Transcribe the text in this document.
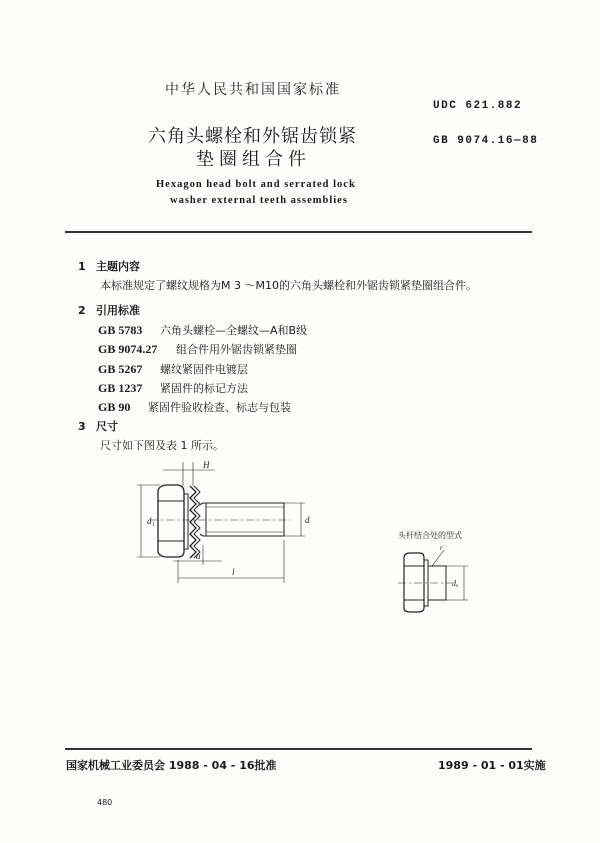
中华人民共和国国家标准
UDC 621.882
GB 9074.16—88
六角头螺栓和外锯齿锁紧
垫圈组合件
Hexagon head bolt and serrated lock
washer external teeth assemblies
1 主题内容
本标准规定了螺纹规格为M 3 ～M10的六角头螺栓和外锯齿锁紧垫圈组合件。
2 引用标准
GB 5783 六角头螺栓—全螺纹—A和B级
GB 9074.27 组合件用外锯齿锁紧垫圈
GB 5267 螺纹紧固件电镀层
GB 1237 紧固件的标记方法
GB 90 紧固件验收检查、标志与包装
3 尺寸
尺寸如下图及表 1 所示。
H
d₁	d
a
l
r
dₐ
头杆结合处的型式
国家机械工业委员会 1988 - 04 - 16批准	1989 - 01 - 01实施
480
